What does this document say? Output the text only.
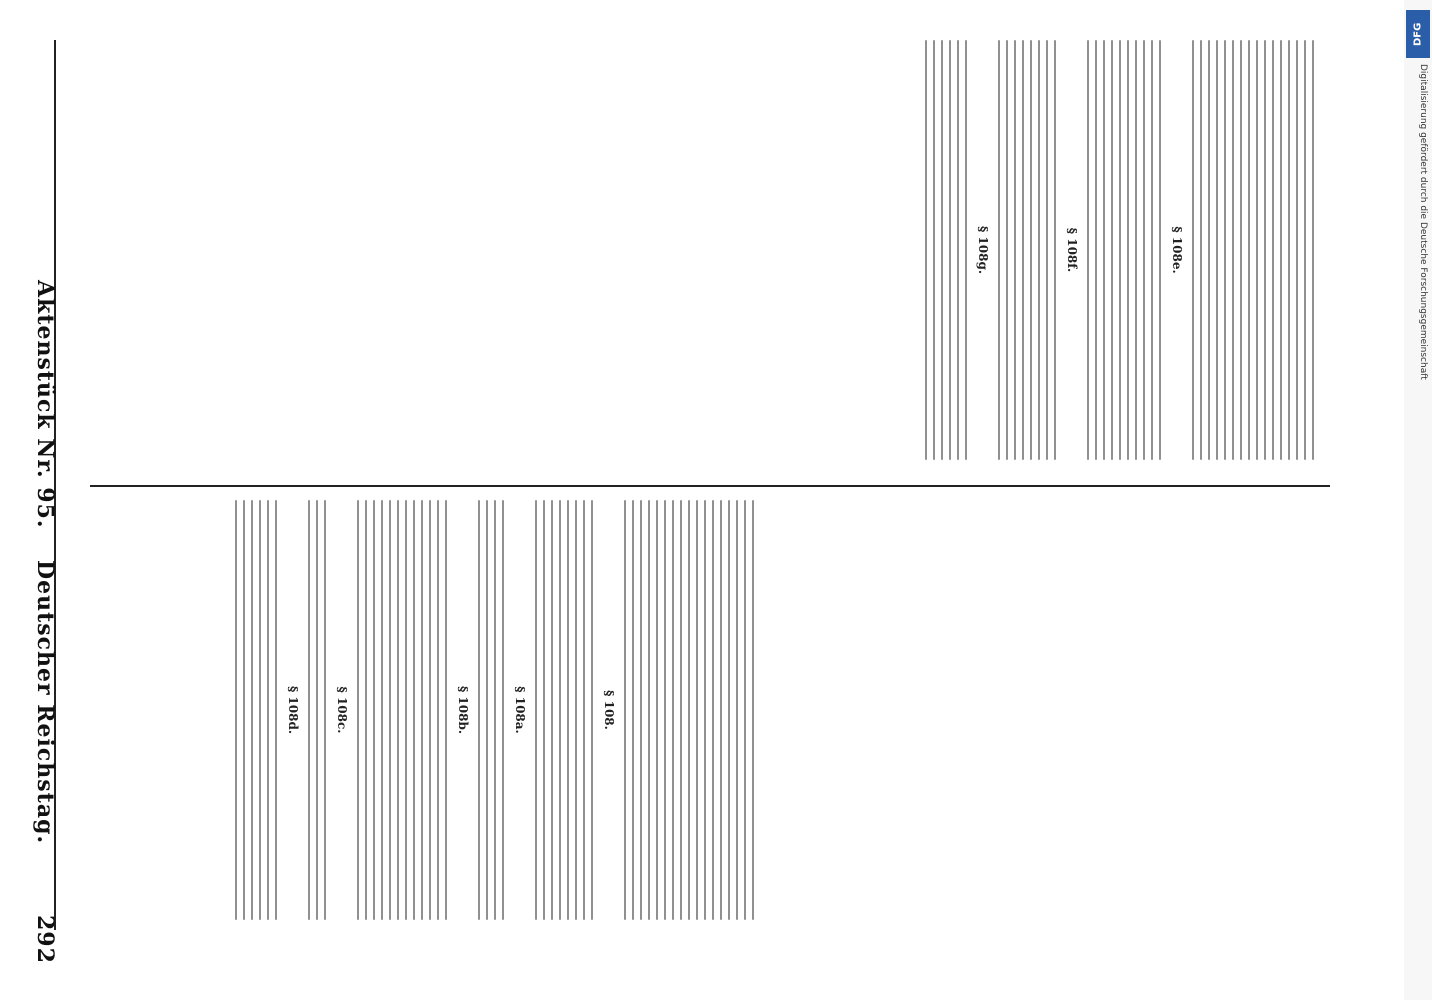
292
Deutscher Reichstag.
Aktenstück Nr. 95.
§ 108.
§ 108a.
§ 108b.
§ 108c.
§ 108d.
§ 108e.
§ 108f.
§ 108g.
DFG
Digitalisierung gefördert durch die Deutsche Forschungsgemeinschaft
